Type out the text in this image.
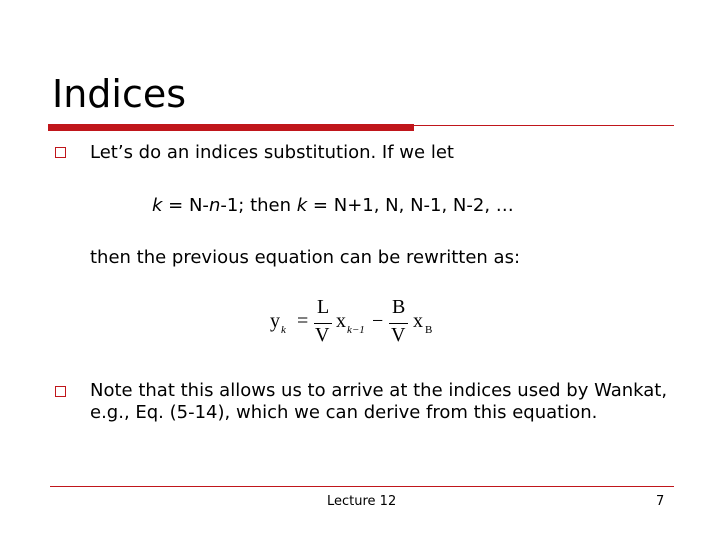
Indices
Let’s do an indices substitution. If we let
k = N-n-1; then k = N+1, N, N-1, N-2, …
then the previous equation can be rewritten as:
y k =
L
V
x k−1 −
B
V
x B
Note that this allows us to arrive at the indices used by Wankat, e.g., Eq. (5-14), which we can derive from this equation.
Lecture 12	7
